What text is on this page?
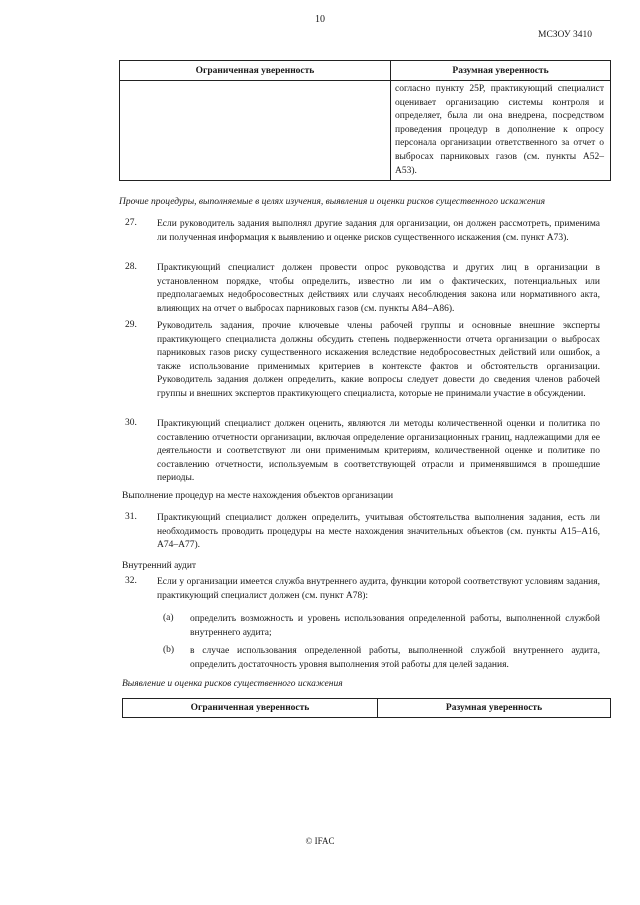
10
МСЗОУ 3410
Ограниченная уверенность	Разумная уверенность

	согласно пункту 25Р, практикующий специалист оценивает организацию системы контроля и определяет, была ли она внедрена, посредством проведения процедур в дополнение к опросу персонала организации ответственного за отчет о выбросах парниковых газов (см. пункты А52–А53).
Прочие процедуры, выполняемые в целях изучения, выявления и оценки рисков существенного искажения
27. Если руководитель задания выполнял другие задания для организации, он должен рассмотреть, применима ли полученная информация к выявлению и оценке рисков существенного искажения (см. пункт А73).

28. Практикующий специалист должен провести опрос руководства и других лиц в организации в установленном порядке, чтобы определить, известно ли им о фактических, потенциальных или предполагаемых недобросовестных действиях или случаях несоблюдения закона или нормативного акта, влияющих на отчет о выбросах парниковых газов (см. пункты А84–А86).

29. Руководитель задания, прочие ключевые члены рабочей группы и основные внешние эксперты практикующего специалиста должны обсудить степень подверженности отчета организации о выбросах парниковых газов риску существенного искажения вследствие недобросовестных действий или ошибок, а также использование применимых критериев в контексте фактов и обстоятельств организации. Руководитель задания должен определить, какие вопросы следует довести до сведения членов рабочей группы и внешних экспертов практикующего специалиста, которые не принимали участие в обсуждении.

30. Практикующий специалист должен оценить, являются ли методы количественной оценки и политика по составлению отчетности организации, включая определение организационных границ, надлежащими для ее деятельности и соответствуют ли они применимым критериям, количественной оценке и политике по составлению отчетности, используемым в соответствующей отрасли и применявшимся в прошедшие периоды.

Выполнение процедур на месте нахождения объектов организации
31. Практикующий специалист должен определить, учитывая обстоятельства выполнения задания, есть ли необходимость проводить процедуры на месте нахождения значительных объектов (см. пункты А15–А16, А74–А77).

Внутренний аудит
32. Если у организации имеется служба внутреннего аудита, функции которой соответствуют условиям задания, практикующий специалист должен (см. пункт А78):

(a) определить возможность и уровень использования определенной работы, выполненной службой внутреннего аудита;

(b) в случае использования определенной работы, выполненной службой внутреннего аудита, определить достаточность уровня выполнения этой работы для целей задания.

Выявление и оценка рисков существенного искажения
Ограниченная уверенность	Разумная уверенность
© IFAC
